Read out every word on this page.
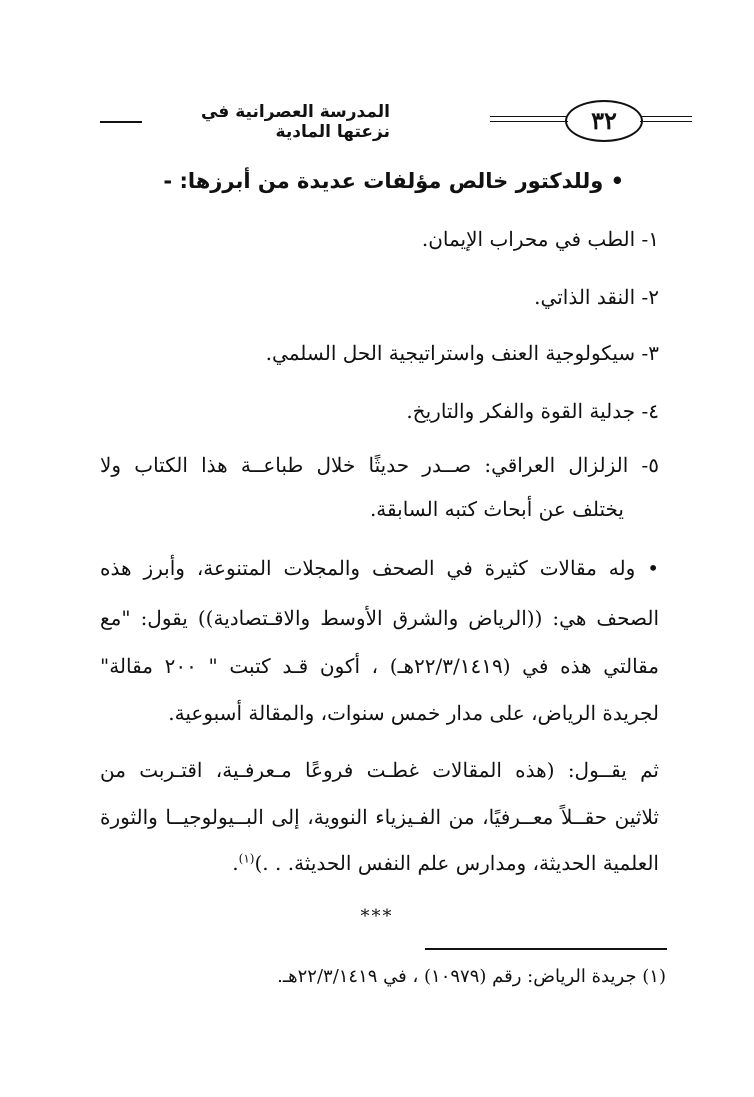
٣٢
المدرسة العصرانية في نزعتها المادية
• وللدكتور خالص مؤلفات عديدة من أبرزها: -
١- الطب في محراب الإيمان.
٢- النقد الذاتي.
٣- سيكولوجية العنف واستراتيجية الحل السلمي.
٤- جدلية القوة والفكر والتاريخ.
٥- الزلزال العراقي: صــدر حديثًا خلال طباعــة هذا الكتاب ولا
يختلف عن أبحاث كتبه السابقة.
• وله مقالات كثيرة في الصحف والمجلات المتنوعة، وأبرز هذه
الصحف هي: ((الرياض والشرق الأوسط والاقـتصادية)) يقول: "مع
مقالتي هذه في (٢٢/٣/١٤١٩هـ) ، أكون قـد كتبت " ٢٠٠ مقالة"
لجريدة الرياض، على مدار خمس سنوات، والمقالة أسبوعية.
ثم يقــول: (هذه المقالات غطـت فروعًا مـعرفـية، اقتـربت من
ثلاثين حقــلاً معــرفيًا، من الفـيزياء النووية، إلى البــيولوجيــا والثورة
العلمية الحديثة، ومدارس علم النفس الحديثة. . .)$^{(١)}$.
***
(١) جريدة الرياض: رقم (١٠٩٧٩) ، في ٢٢/٣/١٤١٩هـ.
